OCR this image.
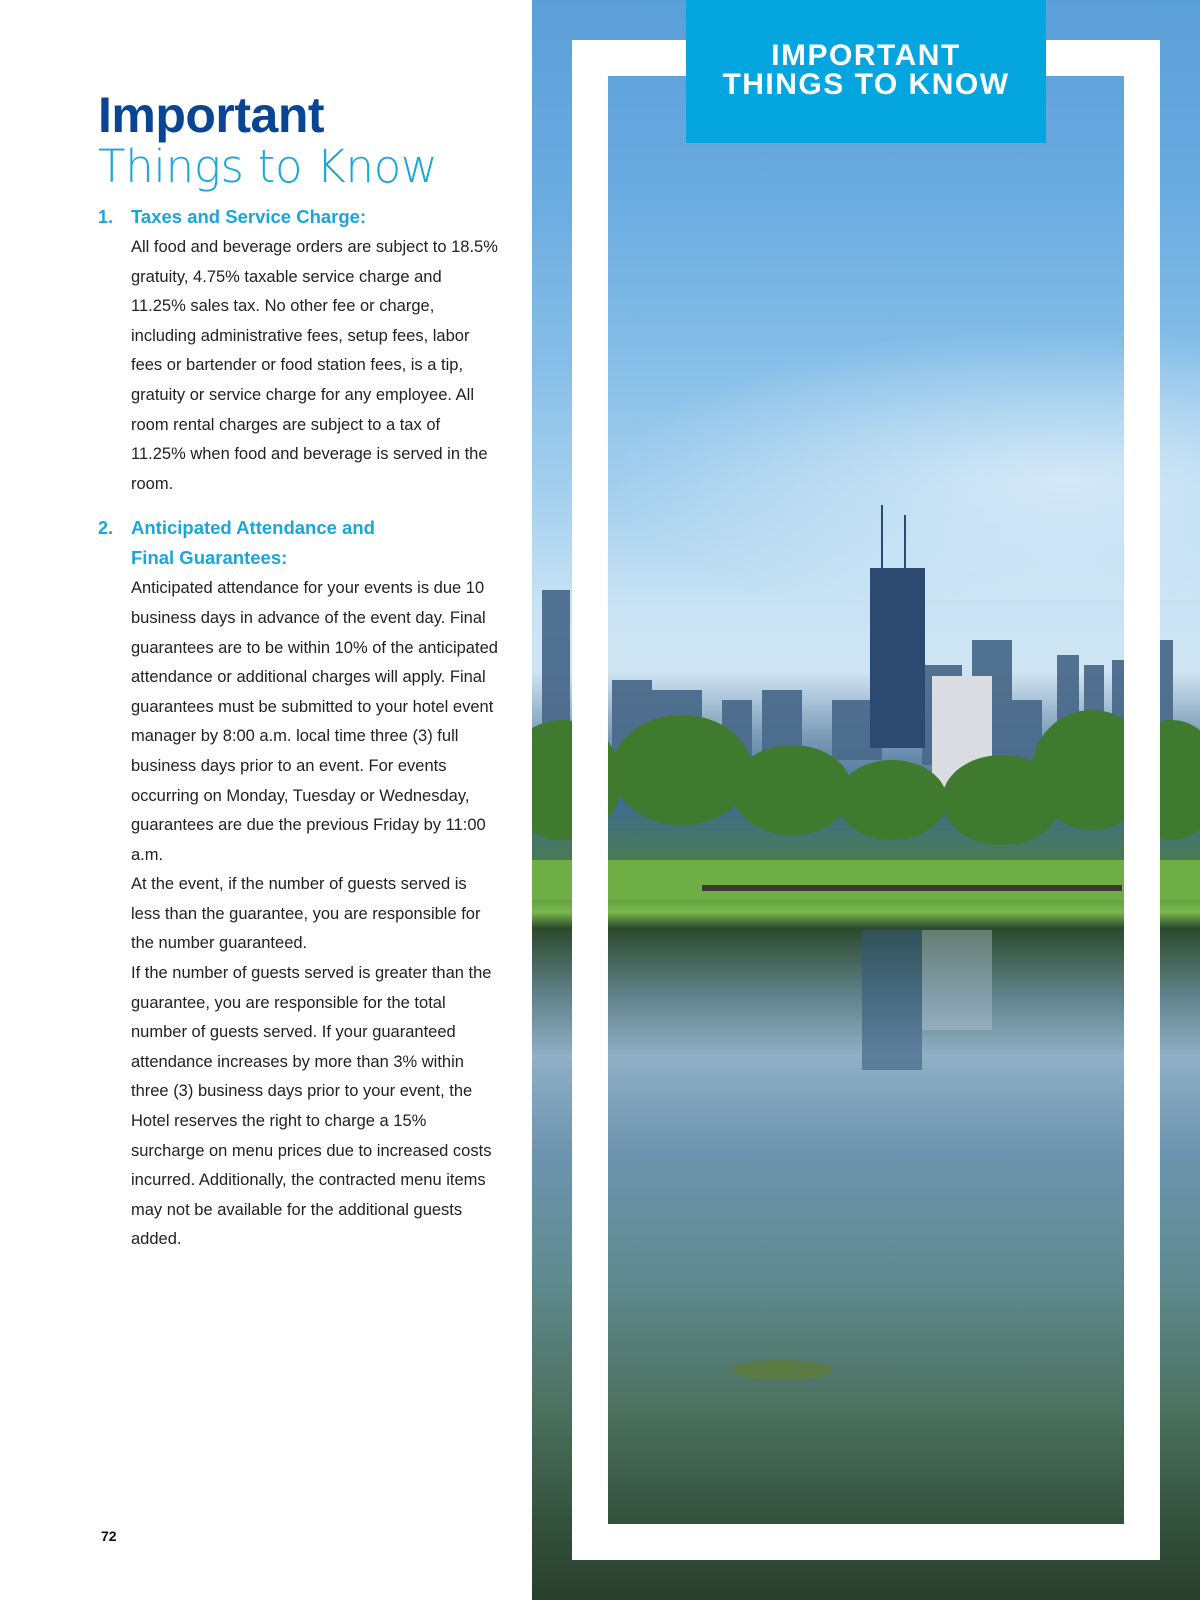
Important
Things to Know
1. Taxes and Service Charge:

All food and beverage orders are subject to 18.5% gratuity, 4.75% taxable service charge and 11.25% sales tax. No other fee or charge, including administrative fees, setup fees, labor fees or bartender or food station fees, is a tip, gratuity or service charge for any employee. All room rental charges are subject to a tax of 11.25% when food and beverage is served in the room.

2. Anticipated Attendance and Final Guarantees:

Anticipated attendance for your events is due 10 business days in advance of the event day. Final guarantees are to be within 10% of the anticipated attendance or additional charges will apply. Final guarantees must be submitted to your hotel event manager by 8:00 a.m. local time three (3) full business days prior to an event. For events occurring on Monday, Tuesday or Wednesday, guarantees are due the previous Friday by 11:00 a.m.

At the event, if the number of guests served is less than the guarantee, you are responsible for the number guaranteed.

If the number of guests served is greater than the guarantee, you are responsible for the total number of guests served. If your guaranteed attendance increases by more than 3% within three (3) business days prior to your event, the Hotel reserves the right to charge a 15% surcharge on menu prices due to increased costs incurred. Additionally, the contracted menu items may not be available for the additional guests added.

72
IMPORTANT
THINGS TO KNOW
